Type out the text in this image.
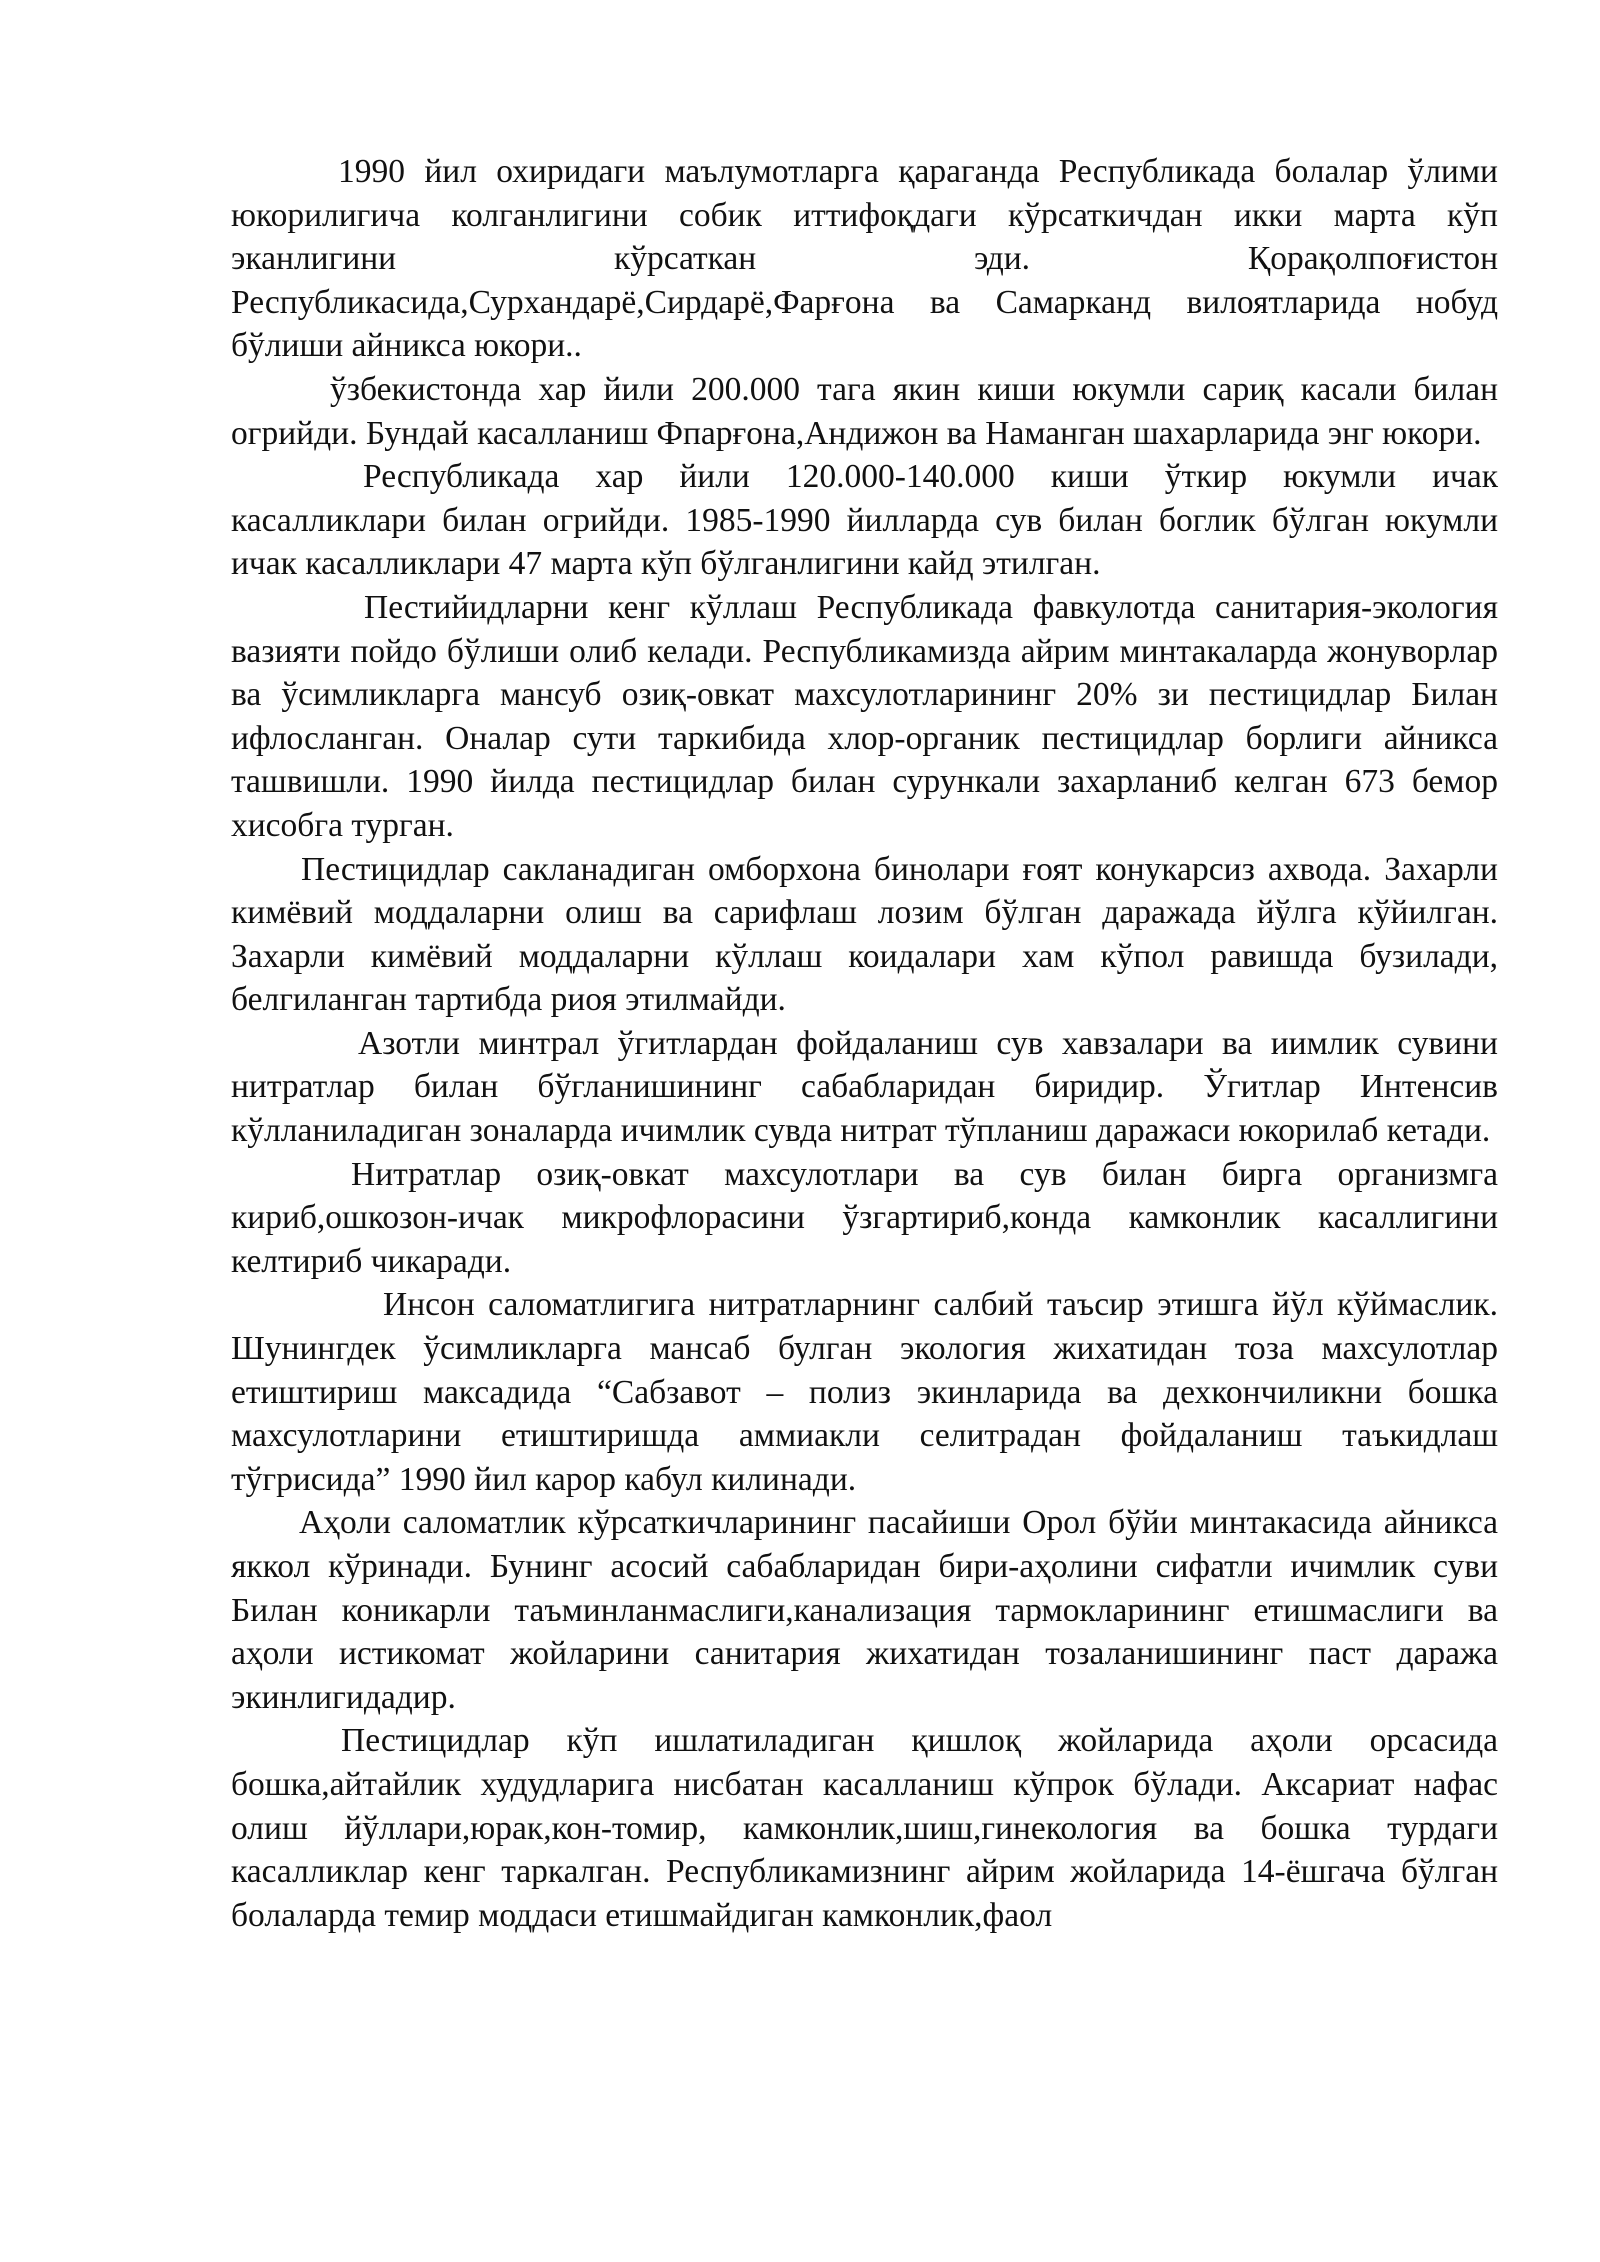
1990 йил охиридаги маълумотларга қараганда Республикада болалар ўлими юкорилигича колганлигини собик иттифоқдаги кўрсаткичдан икки марта кўп эканлигини кўрсаткан эди. Қорақолпоғистон Республикасида,Сурхандарё,Сирдарё,Фарғона ва Самарканд вилоятларида нобуд бўлиши айникса юкори..

ўзбекистонда хар йили 200.000 тага якин киши юкумли сариқ касали билан огрийди. Бундай касалланиш Фпарғона,Андижон ва Наманган шахарларида энг юкори.

Республикада хар йили 120.000-140.000 киши ўткир юкумли ичак касалликлари билан огрийди. 1985-1990 йилларда сув билан боглик бўлган юкумли ичак касалликлари 47 марта кўп бўлганлигини кайд этилган.

Пестийидларни кенг кўллаш Республикада фавкулотда санитария-экология вазияти пойдо бўлиши олиб келади. Республикамизда айрим минтакаларда жонуворлар ва ўсимликларга мансуб озиқ-овкат махсулотларининг 20% зи пестицидлар Билан ифлосланган. Оналар сути таркибида хлор-органик пестицидлар борлиги айникса ташвишли. 1990 йилда пестицидлар билан сурункали захарланиб келган 673 бемор хисобга турган.

Пестицидлар сакланадиган омборхона бинолари ғоят конукарсиз ахвода. Захарли кимёвий моддаларни олиш ва сарифлаш лозим бўлган даражада йўлга кўйилган. Захарли кимёвий моддаларни кўллаш коидалари хам кўпол равишда бузилади, белгиланган тартибда риоя этилмайди.

Азотли минтрал ўгитлардан фойдаланиш сув хавзалари ва иимлик сувини нитратлар билан бўгланишининг сабабларидан биридир. Ўгитлар Интенсив кўлланиладиган зоналарда ичимлик сувда нитрат тўпланиш даражаси юкорилаб кетади.

Нитратлар озиқ-овкат махсулотлари ва сув билан бирга организмга кириб,ошкозон-ичак микрофлорасини ўзгартириб,конда камконлик касаллигини келтириб чикаради.

Инсон саломатлигига нитратларнинг салбий таъсир этишга йўл кўймаслик. Шунингдек ўсимликларга мансаб булган экология жихатидан тоза махсулотлар етиштириш максадида “Сабзавот – полиз экинларида ва дехкончиликни бошка махсулотларини етиштиришда аммиакли селитрадан фойдаланиш таъкидлаш тўгрисида” 1990 йил карор кабул килинади.

Аҳоли саломатлик кўрсаткичларининг пасайиши Орол бўйи минтакасида айникса яккол кўринади. Бунинг асосий сабабларидан бири-аҳолини сифатли ичимлик суви Билан коникарли таъминланмаслиги,канализация тармокларининг етишмаслиги ва аҳоли истикомат жойларини санитария жихатидан тозаланишининг паст даража экинлигидадир.

Пестицидлар кўп ишлатиладиган қишлоқ жойларида аҳоли орсасида бошка,айтайлик худудларига нисбатан касалланиш кўпрок бўлади. Аксариат нафас олиш йўллари,юрак,кон-томир, камконлик,шиш,гинекология ва бошка турдаги касалликлар кенг таркалган. Республикамизнинг айрим жойларида 14-ёшгача бўлган болаларда темир моддаси етишмайдиган камконлик,фаол
